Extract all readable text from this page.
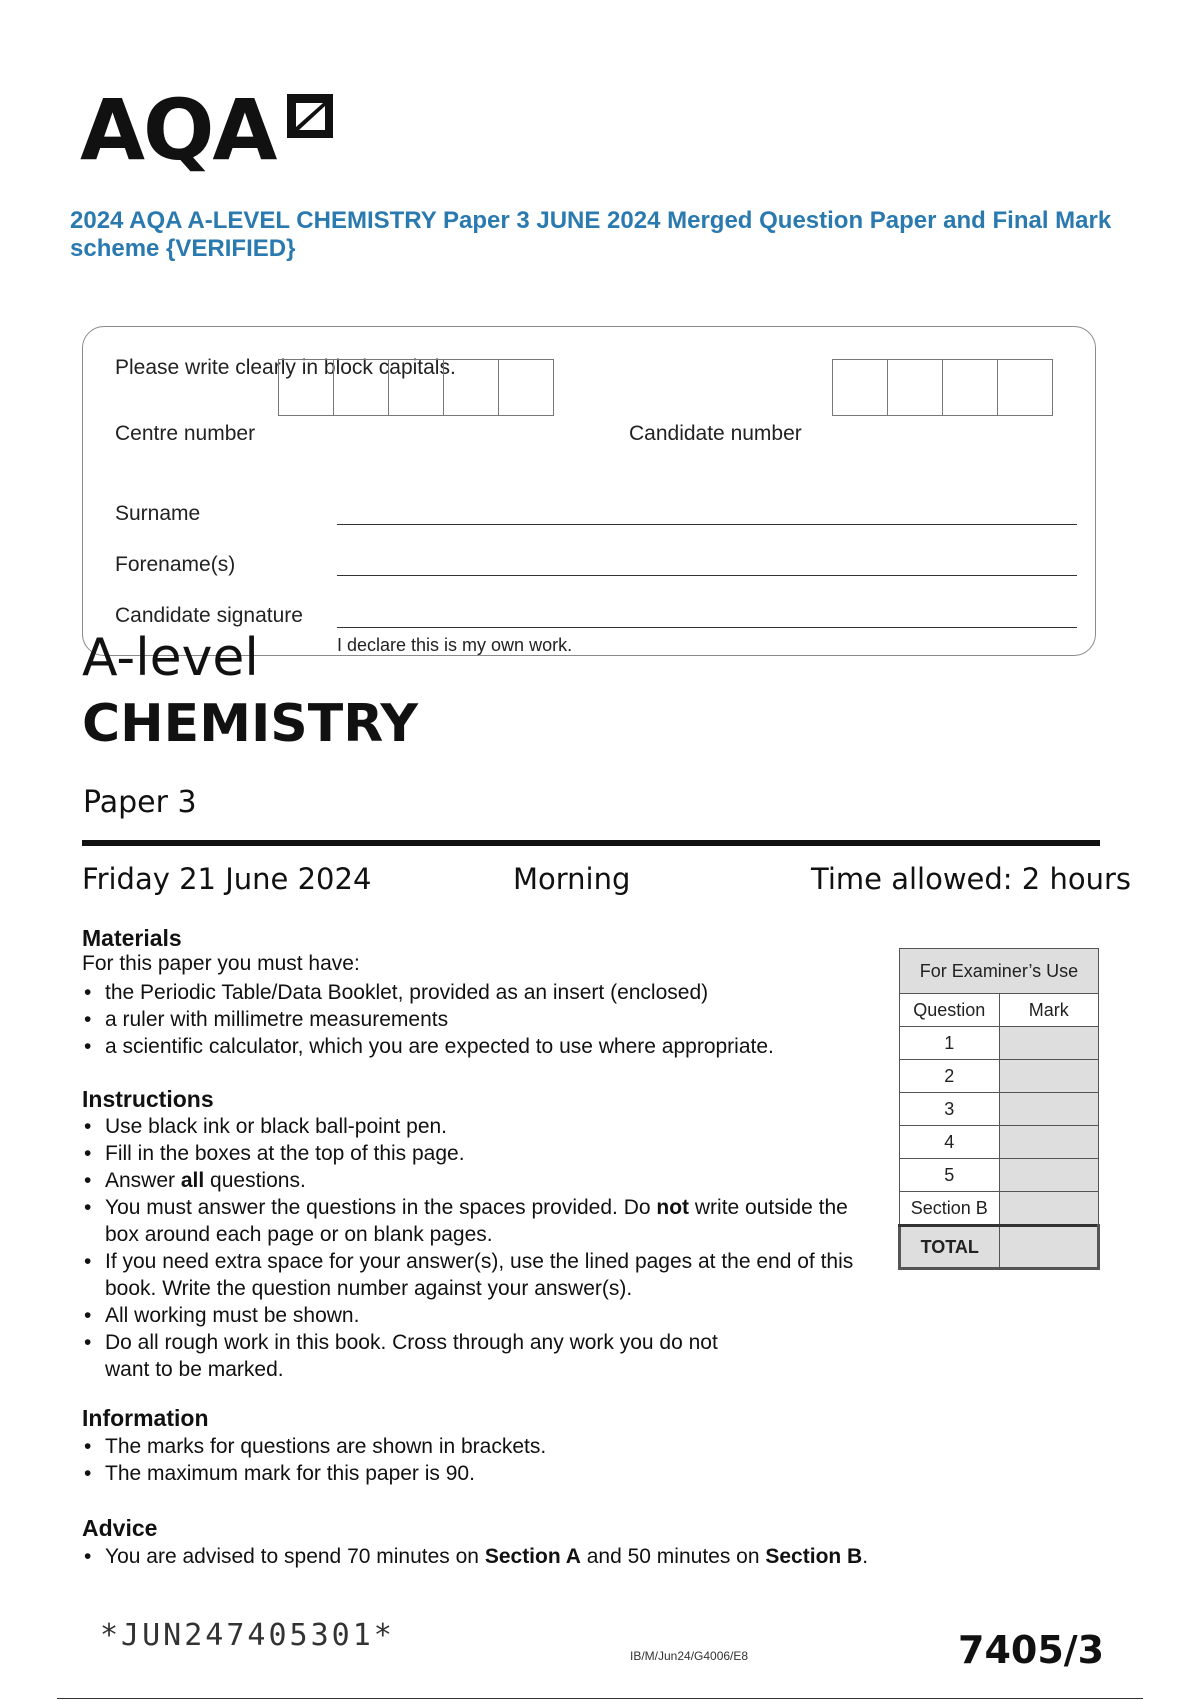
AQA
2024 AQA A-LEVEL CHEMISTRY Paper 3 JUNE 2024 Merged Question Paper and Final Mark scheme {VERIFIED}
Please write clearly in block capitals.
Centre number	Candidate number
Surname
Forename(s)
Candidate signature
I declare this is my own work.
A-level
CHEMISTRY
Paper 3
Friday 21 June 2024	Morning	Time allowed: 2 hours
Materials
For this paper you must have:
• the Periodic Table/Data Booklet, provided as an insert (enclosed)
• a ruler with millimetre measurements
• a scientific calculator, which you are expected to use where appropriate.
Instructions
• Use black ink or black ball-point pen.
• Fill in the boxes at the top of this page.
• Answer all questions.
• You must answer the questions in the spaces provided. Do not write outside the box around each page or on blank pages.
• If you need extra space for your answer(s), use the lined pages at the end of this book. Write the question number against your answer(s).
• All working must be shown.
• Do all rough work in this book. Cross through any work you do not want to be marked.
Information
• The marks for questions are shown in brackets.
• The maximum mark for this paper is 90.
Advice
• You are advised to spend 70 minutes on Section A and 50 minutes on Section B.
For Examiner’s Use	
Question	Mark
1	
2	
3	
4	
5	
Section B	
TOTAL	
*JUN247405301*
IB/M/Jun24/G4006/E8	7405/3
